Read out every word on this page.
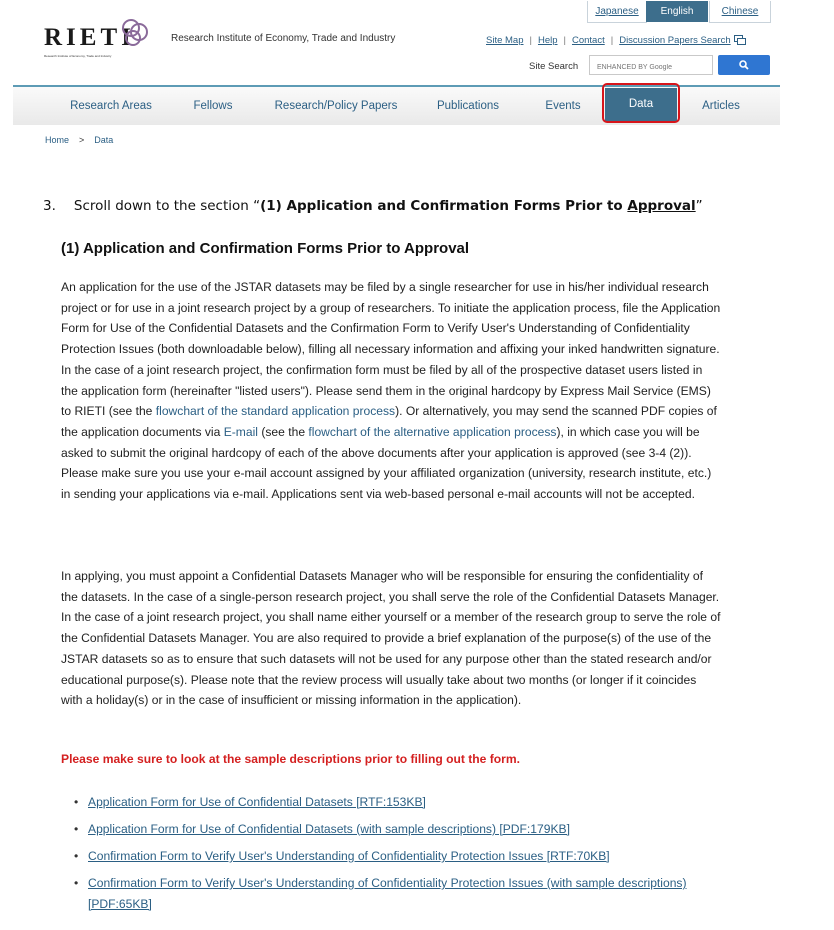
RIETI
Research Institute of Economy, Trade and Industry
Research Institute of Economy, Trade and Industry
Japanese	English	Chinese
Site Map | Help | Contact | Discussion Papers Search
Site Search
ENHANCED BY Google
Research Areas	Fellows	Research/Policy Papers	Publications	Events	Data	Articles
Home > Data
3. Scroll down to the section “(1) Application and Confirmation Forms Prior to Approval”
(1) Application and Confirmation Forms Prior to Approval

An application for the use of the JSTAR datasets may be filed by a single researcher for use in his/her individual research project or for use in a joint research project by a group of researchers. To initiate the application process, file the Application Form for Use of the Confidential Datasets and the Confirmation Form to Verify User's Understanding of Confidentiality Protection Issues (both downloadable below), filling all necessary information and affixing your inked handwritten signature. In the case of a joint research project, the confirmation form must be filed by all of the prospective dataset users listed in the application form (hereinafter "listed users"). Please send them in the original hardcopy by Express Mail Service (EMS) to RIETI (see the flowchart of the standard application process). Or alternatively, you may send the scanned PDF copies of the application documents via E-mail (see the flowchart of the alternative application process), in which case you will be asked to submit the original hardcopy of each of the above documents after your application is approved (see 3-4 (2)). Please make sure you use your e-mail account assigned by your affiliated organization (university, research institute, etc.) in sending your applications via e-mail. Applications sent via web-based personal e-mail accounts will not be accepted.

In applying, you must appoint a Confidential Datasets Manager who will be responsible for ensuring the confidentiality of the datasets. In the case of a single-person research project, you shall serve the role of the Confidential Datasets Manager. In the case of a joint research project, you shall name either yourself or a member of the research group to serve the role of the Confidential Datasets Manager. You are also required to provide a brief explanation of the purpose(s) of the use of the JSTAR datasets so as to ensure that such datasets will not be used for any purpose other than the stated research and/or educational purpose(s). Please note that the review process will usually take about two months (or longer if it coincides with a holiday(s) or in the case of insufficient or missing information in the application).

Please make sure to look at the sample descriptions prior to filling out the form.

• Application Form for Use of Confidential Datasets [RTF:153KB]
• Application Form for Use of Confidential Datasets (with sample descriptions) [PDF:179KB]
• Confirmation Form to Verify User's Understanding of Confidentiality Protection Issues [RTF:70KB]
• Confirmation Form to Verify User's Understanding of Confidentiality Protection Issues (with sample descriptions) [PDF:65KB]
